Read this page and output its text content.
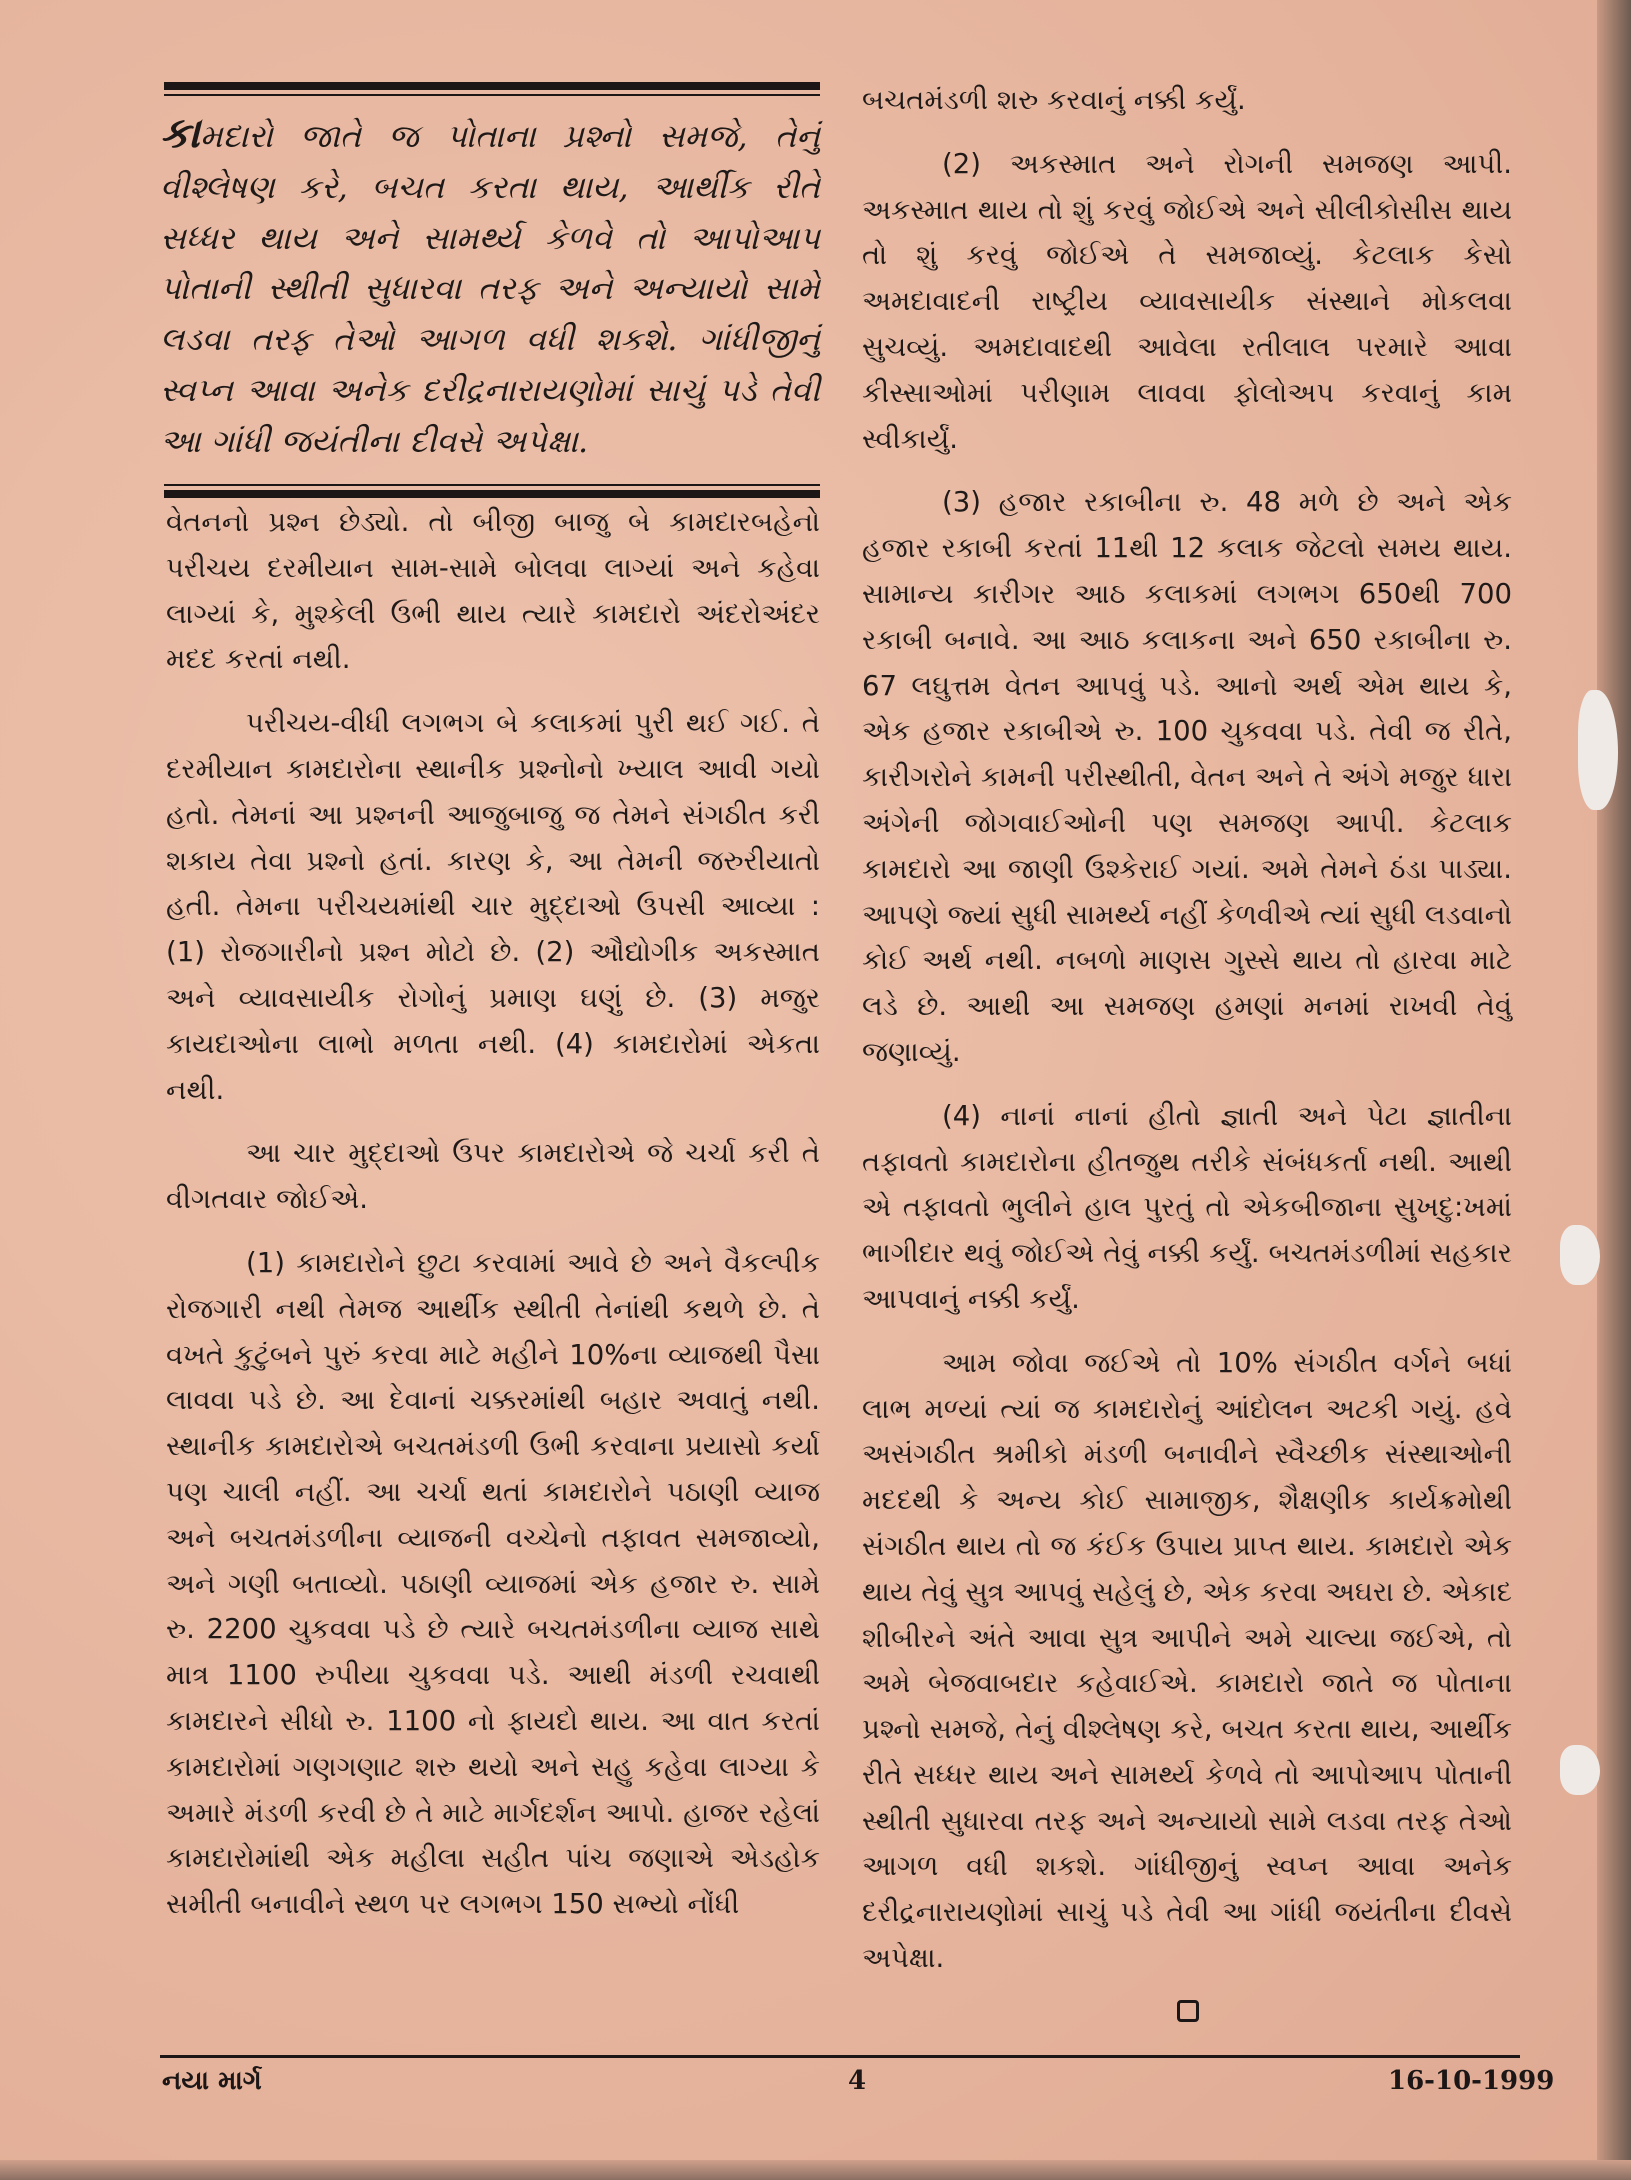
કામદારો જાતે જ પોતાના પ્રશ્નો સમજે, તેનું વીશ્લેષણ કરે, બચત કરતા થાય, આર્થીક રીતે સધ્ધર થાય અને સામર્થ્ય કેળવે તો આપોઆપ પોતાની સ્થીતી સુધારવા તરફ અને અન્યાયો સામે લડવા તરફ તેઓ આગળ વધી શકશે. ગાંધીજીનું સ્વપ્ન આવા અનેક દરીદ્રનારાયણોમાં સાચું પડે તેવી આ ગાંધી જયંતીના દીવસે અપેક્ષા.

વેતનનો પ્રશ્ન છેડ્યો. તો બીજી બાજુ બે કામદારબહેનો પરીચય દરમીયાન સામ-સામે બોલવા લાગ્યાં અને કહેવા લાગ્યાં કે, મુશ્કેલી ઉભી થાય ત્યારે કામદારો અંદરોઅંદર મદદ કરતાં નથી.

પરીચય-વીધી લગભગ બે કલાકમાં પુરી થઈ ગઈ. તે દરમીયાન કામદારોના સ્થાનીક પ્રશ્નોનો ખ્યાલ આવી ગયો હતો. તેમનાં આ પ્રશ્નની આજુબાજુ જ તેમને સંગઠીત કરી શકાય તેવા પ્રશ્નો હતાં. કારણ કે, આ તેમની જરુરીયાતો હતી. તેમના પરીચયમાંથી ચાર મુદ્દાઓ ઉપસી આવ્યા : (1) રોજગારીનો પ્રશ્ન મોટો છે. (2) ઔદ્યોગીક અકસ્માત અને વ્યાવસાયીક રોગોનું પ્રમાણ ઘણું છે. (3) મજુર કાયદાઓના લાભો મળતા નથી. (4) કામદારોમાં એકતા નથી.

આ ચાર મુદ્દાઓ ઉપર કામદારોએ જે ચર્ચા કરી તે વીગતવાર જોઈએ.

(1) કામદારોને છુટા કરવામાં આવે છે અને વૈકલ્પીક રોજગારી નથી તેમજ આર્થીક સ્થીતી તેનાંથી કથળે છે. તે વખતે કુટુંબને પુરું કરવા માટે મહીને 10%ના વ્યાજથી પૈસા લાવવા પડે છે. આ દેવાનાં ચક્કરમાંથી બહાર અવાતું નથી. સ્થાનીક કામદારોએ બચતમંડળી ઉભી કરવાના પ્રયાસો કર્યા પણ ચાલી નહીં. આ ચર્ચા થતાં કામદારોને પઠાણી વ્યાજ અને બચતમંડળીના વ્યાજની વચ્ચેનો તફાવત સમજાવ્યો, અને ગણી બતાવ્યો. પઠાણી વ્યાજમાં એક હજાર રુ. સામે રુ. 2200 ચુકવવા પડે છે ત્યારે બચતમંડળીના વ્યાજ સાથે માત્ર 1100 રુપીયા ચુકવવા પડે. આથી મંડળી રચવાથી કામદારને સીધો રુ. 1100 નો ફાયદો થાય. આ વાત કરતાં કામદારોમાં ગણગણાટ શરુ થયો અને સહુ કહેવા લાગ્યા કે અમારે મંડળી કરવી છે તે માટે માર્ગદર્શન આપો. હાજર રહેલાં કામદારોમાંથી એક મહીલા સહીત પાંચ જણાએ એડહોક સમીતી બનાવીને સ્થળ પર લગભગ 150 સભ્યો નોંધી

બચતમંડળી શરુ કરવાનું નક્કી કર્યું.

(2) અકસ્માત અને રોગની સમજણ આપી. અકસ્માત થાય તો શું કરવું જોઈએ અને સીલીકોસીસ થાય તો શું કરવું જોઈએ તે સમજાવ્યું. કેટલાક કેસો અમદાવાદની રાષ્ટ્રીય વ્યાવસાયીક સંસ્થાને મોકલવા સુચવ્યું. અમદાવાદથી આવેલા રતીલાલ પરમારે આવા કીસ્સાઓમાં પરીણામ લાવવા ફોલોઅપ કરવાનું કામ સ્વીકાર્યું.

(3) હજાર રકાબીના રુ. 48 મળે છે અને એક હજાર રકાબી કરતાં 11થી 12 કલાક જેટલો સમય થાય. સામાન્ય કારીગર આઠ કલાકમાં લગભગ 650થી 700 રકાબી બનાવે. આ આઠ કલાકના અને 650 રકાબીના રુ. 67 લઘુત્તમ વેતન આપવું પડે. આનો અર્થ એમ થાય કે, એક હજાર રકાબીએ રુ. 100 ચુકવવા પડે. તેવી જ રીતે, કારીગરોને કામની પરીસ્થીતી, વેતન અને તે અંગે મજુર ધારા અંગેની જોગવાઈઓની પણ સમજણ આપી. કેટલાક કામદારો આ જાણી ઉશ્કેરાઈ ગયાં. અમે તેમને ઠંડા પાડ્યા. આપણે જ્યાં સુધી સામર્થ્ય નહીં કેળવીએ ત્યાં સુધી લડવાનો કોઈ અર્થ નથી. નબળો માણસ ગુસ્સે થાય તો હારવા માટે લડે છે. આથી આ સમજણ હમણાં મનમાં રાખવી તેવું જણાવ્યું.

(4) નાનાં નાનાં હીતો જ્ઞાતી અને પેટા જ્ઞાતીના તફાવતો કામદારોના હીતજુથ તરીકે સંબંધકર્તા નથી. આથી એ તફાવતો ભુલીને હાલ પુરતું તો એકબીજાના સુખદુ:ખમાં ભાગીદાર થવું જોઈએ તેવું નક્કી કર્યું. બચતમંડળીમાં સહકાર આપવાનું નક્કી કર્યું.

આમ જોવા જઈએ તો 10% સંગઠીત વર્ગને બધાં લાભ મળ્યાં ત્યાં જ કામદારોનું આંદોલન અટકી ગયું. હવે અસંગઠીત શ્રમીકો મંડળી બનાવીને સ્વૈચ્છીક સંસ્થાઓની મદદથી કે અન્ય કોઈ સામાજીક, શૈક્ષણીક કાર્યક્રમોથી સંગઠીત થાય તો જ કંઈક ઉપાય પ્રાપ્ત થાય. કામદારો એક થાય તેવું સુત્ર આપવું સહેલું છે, એક કરવા અઘરા છે. એકાદ શીબીરને અંતે આવા સુત્ર આપીને અમે ચાલ્યા જઈએ, તો અમે બેજવાબદાર કહેવાઈએ. કામદારો જાતે જ પોતાના પ્રશ્નો સમજે, તેનું વીશ્લેષણ કરે, બચત કરતા થાય, આર્થીક રીતે સધ્ધર થાય અને સામર્થ્ય કેળવે તો આપોઆપ પોતાની સ્થીતી સુધારવા તરફ અને અન્યાયો સામે લડવા તરફ તેઓ આગળ વધી શકશે. ગાંધીજીનું સ્વપ્ન આવા અનેક દરીદ્રનારાયણોમાં સાચું પડે તેવી આ ગાંધી જયંતીના દીવસે અપેક્ષા.

નયા માર્ગ	4	16-10-1999
